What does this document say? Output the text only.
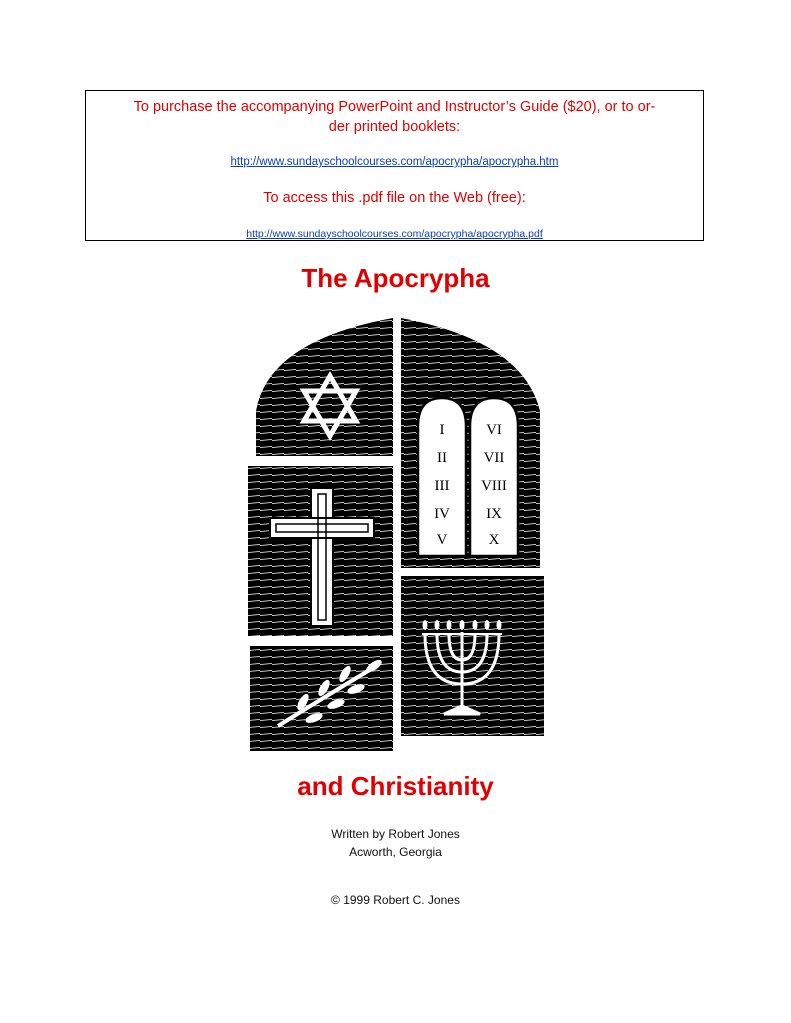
To purchase the accompanying PowerPoint and Instructor’s Guide ($20), or to or-
der printed booklets:
http://www.sundayschoolcourses.com/apocrypha/apocrypha.htm
To access this .pdf file on the Web (free):
http://www.sundayschoolcourses.com/apocrypha/apocrypha.pdf
The Apocrypha
I
II
III
IV
V
VI
VII
VIII
IX
X
and Christianity
Written by Robert Jones
Acworth, Georgia
© 1999 Robert C. Jones
